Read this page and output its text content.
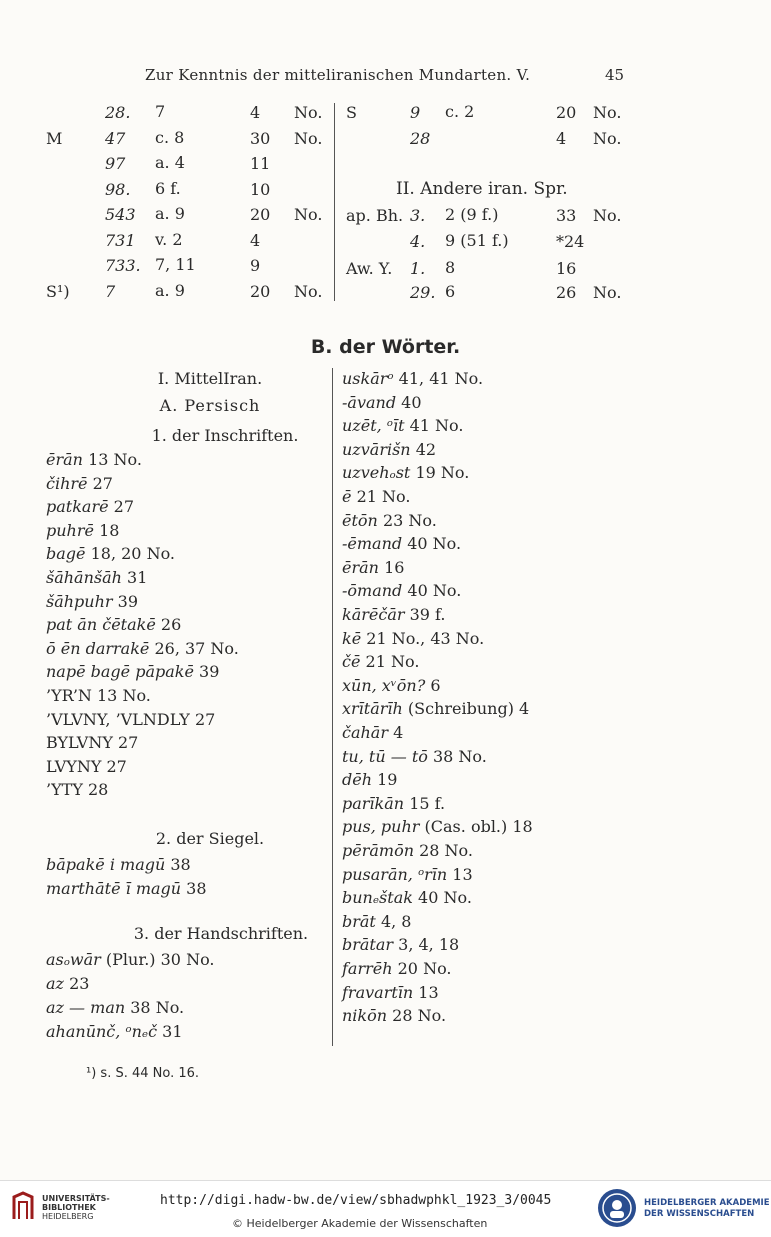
Zur Kenntnis der mitteliranischen Mundarten. V.	45
28. 7	4 No.
M	47 c. 8	30 No.
97 a. 4	11
98. 6 f.	10
543 a. 9	20 No.
731 v. 2	4
733. 7, 11	9
S¹) 7 a. 9	20 No.
S	9 c. 2	20 No.
28	4 No.
II. Andere iran. Spr.
ap. Bh. 3. 2 (9 f.)	33 No.
4. 9 (51 f.)	*24
Aw. Y. 1. 8	16
29. 6	26 No.
B. der Wörter.
I. MittelIran.
A. Persisch
1. der Inschriften.
ērān 13 No.
čihrē 27
patkarē 27
puhrē 18
bagē 18, 20 No.
šāhānšāh 31
šāhpuhr 39
pat ān čētakē 26
ō ēn darrakē 26, 37 No.
napē bagē pāpakē 39
’YR’N 13 No.
’VLVNY, ’VLNDLY 27
BYLVNY 27
LVYNY 27
’YTY 28
2. der Siegel.
bāpakē i magū 38
marthātē ī magū 38
3. der Handschriften.
asₒwār (Plur.) 30 No.
az 23
az — man 38 No.
ahanūnč, ᵒnₑč 31
uskārᵒ 41, 41 No.
-āvand 40
uzēt, ᵒīt 41 No.
uzvārišn 42
uzvehₒst 19 No.
ē 21 No.
ētōn 23 No.
-ēmand 40 No.
ērān 16
-ōmand 40 No.
kārēčār 39 f.
kē 21 No., 43 No.
čē 21 No.
xūn, xᵛōn? 6
xrītārīh (Schreibung) 4
čahār 4
tu, tū — tō 38 No.
dēh 19
parīkān 15 f.
pus, puhr (Cas. obl.) 18
pērāmōn 28 No.
pusarān, ᵒrīn 13
bunₑštak 40 No.
brāt 4, 8
brātar 3, 4, 18
farrēh 20 No.
fravartīn 13
nikōn 28 No.
¹) s. S. 44 No. 16.
UNIVERSITÄTS-
BIBLIOTHEK
HEIDELBERG
http://digi.hadw-bw.de/view/sbhadwphkl_1923_3/0045
© Heidelberger Akademie der Wissenschaften
HEIDELBERGER AKADEMIE
DER WISSENSCHAFTEN
